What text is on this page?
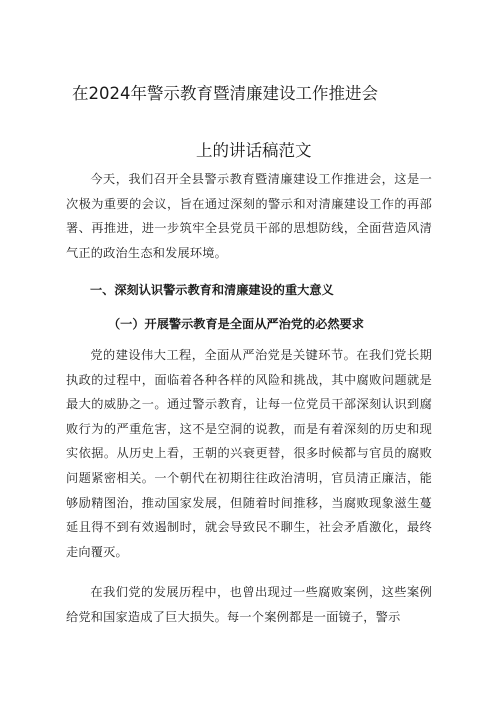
在2024年警示教育暨清廉建设工作推进会
上的讲话稿范文

今天，我们召开全县警示教育暨清廉建设工作推进会，这是一次极为重要的会议，旨在通过深刻的警示和对清廉建设工作的再部署、再推进，进一步筑牢全县党员干部的思想防线，全面营造风清气正的政治生态和发展环境。

一、深刻认识警示教育和清廉建设的重大意义
（一）开展警示教育是全面从严治党的必然要求

党的建设伟大工程，全面从严治党是关键环节。在我们党长期执政的过程中，面临着各种各样的风险和挑战，其中腐败问题就是最大的威胁之一。通过警示教育，让每一位党员干部深刻认识到腐败行为的严重危害，这不是空洞的说教，而是有着深刻的历史和现实依据。从历史上看，王朝的兴衰更替，很多时候都与官员的腐败问题紧密相关。一个朝代在初期往往政治清明，官员清正廉洁，能够励精图治，推动国家发展，但随着时间推移，当腐败现象滋生蔓延且得不到有效遏制时，就会导致民不聊生，社会矛盾激化，最终走向覆灭。

在我们党的发展历程中，也曾出现过一些腐败案例，这些案例给党和国家造成了巨大损失。每一个案例都是一面镜子，警示
